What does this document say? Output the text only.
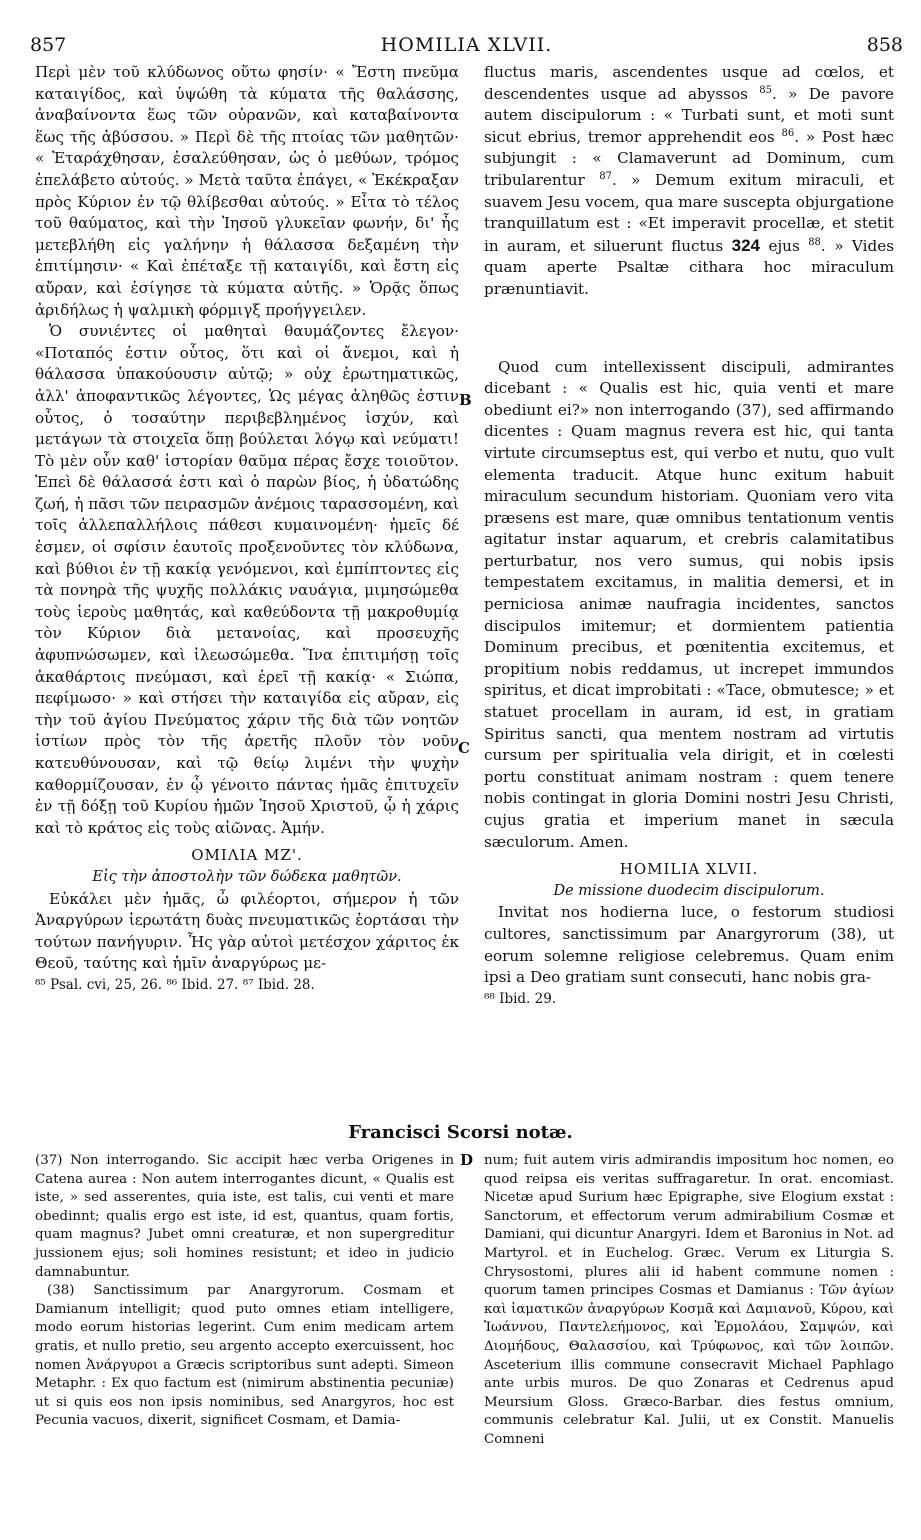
857	HOMILIA XLVII.	858

Περὶ μὲν τοῦ κλύδωνος οὕτω φησίν· « Ἔστη πνεῦμα καταιγίδος, καὶ ὑψώθη τὰ κύματα τῆς θαλάσσης, ἀναβαίνοντα ἕως τῶν οὐρανῶν, καὶ καταβαίνοντα ἕως τῆς ἀβύσσου. » Περὶ δὲ τῆς πτοίας τῶν μαθητῶν· « Ἐταράχθησαν, ἐσαλεύθησαν, ὡς ὁ μεθύων, τρόμος ἐπελάβετο αὐτούς. » Μετὰ ταῦτα ἐπάγει, « Ἐκέκραξαν πρὸς Κύριον ἐν τῷ θλίβεσθαι αὐτούς. » Εἶτα τὸ τέλος τοῦ θαύματος, καὶ τὴν Ἰησοῦ γλυκεῖαν φωνήν, δι' ἧς μετεβλήθη εἰς γαλήνην ἡ θάλασσα δεξαμένη τὴν ἐπιτίμησιν· « Καὶ ἐπέταξε τῇ καταιγίδι, καὶ ἔστη εἰς αὔραν, καὶ ἐσίγησε τὰ κύματα αὐτῆς. » Ὁρᾷς ὅπως ἀριδήλως ἡ ψαλμικὴ φόρμιγξ προήγγειλεν.

Ὁ συνιέντες οἱ μαθηταὶ θαυμάζοντες ἔλεγον· «Ποταπός ἐστιν οὗτος, ὅτι καὶ οἱ ἄνεμοι, καὶ ἡ θάλασσα ὑπακούουσιν αὐτῷ; » οὐχ ἐρωτηματικῶς, ἀλλ' ἀποφαντικῶς λέγοντες, Ὡς μέγας ἀληθῶς ἐστιν οὗτος, ὁ τοσαύτην περιβεβλημένος ἰσχύν, καὶ μετάγων τὰ στοιχεῖα ὅπῃ βούλεται λόγῳ καὶ νεύματι! Τὸ μὲν οὖν καθ' ἱστορίαν θαῦμα πέρας ἔσχε τοιοῦτον. Ἐπεὶ δὲ θάλασσά ἐστι καὶ ὁ παρὼν βίος, ἡ ὑδατώδης ζωή, ἡ πᾶσι τῶν πειρασμῶν ἀνέμοις ταρασσομένη, καὶ τοῖς ἀλλεπαλλήλοις πάθεσι κυμαινομένη· ἡμεῖς δέ ἐσμεν, οἱ σφίσιν ἑαυτοῖς προξενοῦντες τὸν κλύδωνα, καὶ βύθιοι ἐν τῇ κακίᾳ γενόμενοι, καὶ ἐμπίπτοντες εἰς τὰ πονηρὰ τῆς ψυχῆς πολλάκις ναυάγια, μιμησώμεθα τοὺς ἱεροὺς μαθητάς, καὶ καθεύδοντα τῇ μακροθυμίᾳ τὸν Κύριον διὰ μετανοίας, καὶ προσευχῆς ἀφυπνώσωμεν, καὶ ἱλεωσώμεθα. Ἵνα ἐπιτιμήσῃ τοῖς ἀκαθάρτοις πνεύμασι, καὶ ἐρεῖ τῇ κακίᾳ· « Σιώπα, πεφίμωσο· » καὶ στήσει τὴν καταιγίδα εἰς αὔραν, εἰς τὴν τοῦ ἁγίου Πνεύματος χάριν τῆς διὰ τῶν νοητῶν ἱστίων πρὸς τὸν τῆς ἀρετῆς πλοῦν τὸν νοῦν κατευθύνουσαν, καὶ τῷ θείῳ λιμένι τὴν ψυχὴν καθορμίζουσαν, ἐν ᾧ γένοιτο πάντας ἡμᾶς ἐπιτυχεῖν ἐν τῇ δόξῃ τοῦ Κυρίου ἡμῶν Ἰησοῦ Χριστοῦ, ᾧ ἡ χάρις καὶ τὸ κράτος εἰς τοὺς αἰῶνας. Ἀμήν.

ΟΜΙΛΙΑ ΜΖ'.

Εἰς τὴν ἀποστολὴν τῶν δώδεκα μαθητῶν.

Εὐκάλει μὲν ἡμᾶς, ὦ φιλέορτοι, σήμερον ἡ τῶν Ἀναργύρων ἱερωτάτη δυὰς πνευματικῶς ἑορτάσαι τὴν τούτων πανήγυριν. Ἧς γὰρ αὐτοὶ μετέσχον χάριτος ἐκ Θεοῦ, ταύτης καὶ ἡμῖν ἀναργύρως με-

⁸⁵ Psal. cvi, 25, 26. ⁸⁶ Ibid. 27. ⁸⁷ Ibid. 28.

B
C

fluctus maris, ascendentes usque ad cœlos, et descendentes usque ad abyssos $^{85}$. » De pavore autem discipulorum : « Turbati sunt, et moti sunt sicut ebrius, tremor apprehendit eos $^{86}$. » Post hæc subjungit : « Clamaverunt ad Dominum, cum tribularentur $^{87}$. » Demum exitum miraculi, et suavem Jesu vocem, qua mare suscepta objurgatione tranquillatum est : «Et imperavit procellæ, et stetit in auram, et siluerunt fluctus 324 ejus $^{88}$. » Vides quam aperte Psaltæ cithara hoc miraculum prænuntiavit.

Quod cum intellexissent discipuli, admirantes dicebant : « Qualis est hic, quia venti et mare obediunt ei?» non interrogando (37), sed affirmando dicentes : Quam magnus revera est hic, qui tanta virtute circumseptus est, qui verbo et nutu, quo vult elementa traducit. Atque hunc exitum habuit miraculum secundum historiam. Quoniam vero vita præsens est mare, quæ omnibus tentationum ventis agitatur instar aquarum, et crebris calamitatibus perturbatur, nos vero sumus, qui nobis ipsis tempestatem excitamus, in malitia demersi, et in perniciosa animæ naufragia incidentes, sanctos discipulos imitemur; et dormientem patientia Dominum precibus, et pœnitentia excitemus, et propitium nobis reddamus, ut increpet immundos spiritus, et dicat improbitati : «Tace, obmutesce; » et statuet procellam in auram, id est, in gratiam Spiritus sancti, qua mentem nostram ad virtutis cursum per spiritualia vela dirigit, et in cœlesti portu constituat animam nostram : quem tenere nobis contingat in gloria Domini nostri Jesu Christi, cujus gratia et imperium manet in sæcula sæculorum. Amen.

HOMILIA XLVII.

De missione duodecim discipulorum.

Invitat nos hodierna luce, o festorum studiosi cultores, sanctissimum par Anargyrorum (38), ut eorum solemne religiose celebremus. Quam enim ipsi a Deo gratiam sunt consecuti, hanc nobis gra-

⁸⁸ Ibid. 29.

Francisci Scorsi notæ.
D

(37) Non interrogando. Sic accipit hæc verba Origenes in Catena aurea : Non autem interrogantes dicunt, « Qualis est iste, » sed asserentes, quia iste, est talis, cui venti et mare obedinnt; qualis ergo est iste, id est, quantus, quam fortis, quam magnus? Jubet omni creaturæ, et non supergreditur jussionem ejus; soli homines resistunt; et ideo in judicio damnabuntur.

(38) Sanctissimum par Anargyrorum. Cosmam et Damianum intelligit; quod puto omnes etiam intelligere, modo eorum historias legerint. Cum enim medicam artem gratis, et nullo pretio, seu argento accepto exercuissent, hoc nomen Ἀνάργυροι a Græcis scriptoribus sunt adepti. Simeon Metaphr. : Ex quo factum est (nimirum abstinentia pecuniæ) ut si quis eos non ipsis nominibus, sed Anargyros, hoc est Pecunia vacuos, dixerit, significet Cosmam, et Damia-

num; fuit autem viris admirandis impositum hoc nomen, eo quod reipsa eis veritas suffragaretur. In orat. encomiast. Nicetæ apud Surium hæc Epigraphe, sive Elogium exstat : Sanctorum, et effectorum verum admirabilium Cosmæ et Damiani, qui dicuntur Anargyri. Idem et Baronius in Not. ad Martyrol. et in Euchelog. Græc. Verum ex Liturgia S. Chrysostomi, plures alii id habent commune nomen : quorum tamen principes Cosmas et Damianus : Τῶν ἁγίων καὶ ἰαματικῶν ἀναργύρων Κοσμᾶ καὶ Δαμιανοῦ, Κύρου, καὶ Ἰωάννου, Παντελεήμονος, καὶ Ἑρμολάου, Σαμψών, καὶ Διομήδους, Θαλασσίου, καὶ Τρύφωνος, καὶ τῶν λοιπῶν. Asceterium illis commune consecravit Michael Paphlago ante urbis muros. De quo Zonaras et Cedrenus apud Meursium Gloss. Græco-Barbar. dies festus omnium, communis celebratur Kal. Julii, ut ex Constit. Manuelis Comneni
